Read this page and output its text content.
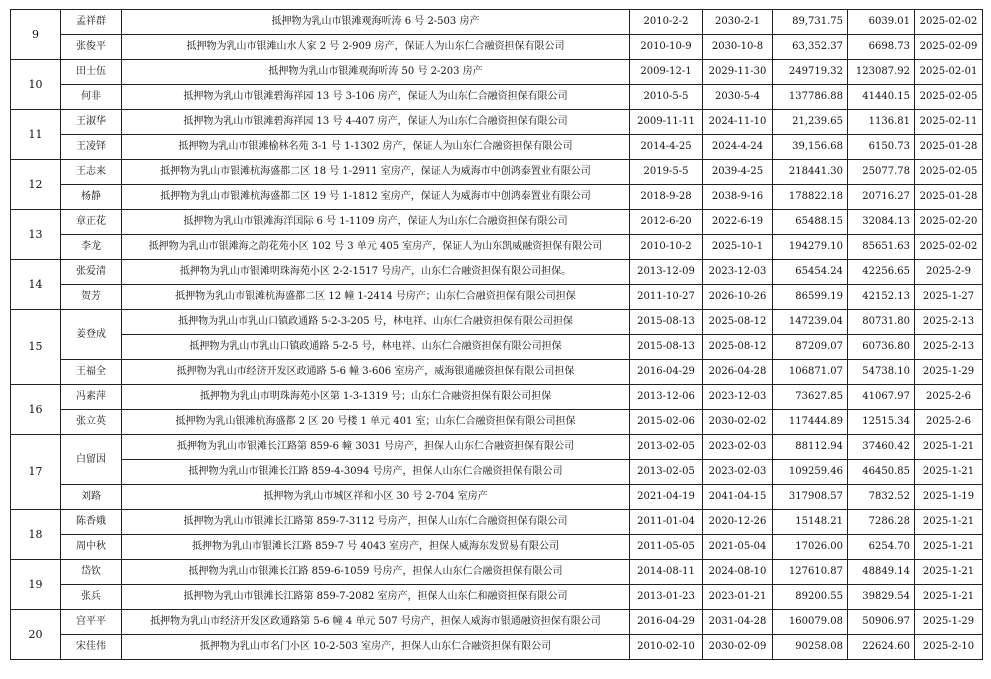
9	孟祥群	抵押物为乳山市银滩观海听涛 6 号 2-503 房产	2010-2-2	2030-2-1	89,731.75	6039.01	2025-02-02
	张俊平	抵押物为乳山市银滩山水人家 2 号 2-909 房产，保证人为山东仁合融资担保有限公司	2010-10-9	2030-10-8	63,352.37	6698.73	2025-02-09
10	田士伍	抵押物为乳山市银滩观海听涛 50 号 2-203 房产	2009-12-1	2029-11-30	249719.32	123087.92	2025-02-01
	何非	抵押物为乳山市银滩碧海祥园 13 号 3-106 房产，保证人为山东仁合融资担保有限公司	2010-5-5	2030-5-4	137786.88	41440.15	2025-02-05
11	王淑华	抵押物为乳山市银滩碧海祥园 13 号 4-407 房产，保证人为山东仁合融资担保有限公司	2009-11-11	2024-11-10	21,239.65	1136.81	2025-02-11
	王凌铎	抵押物为乳山市银滩榆林名苑 3-1 号 1-1302 房产，保证人为山东仁合融资担保有限公司	2014-4-25	2024-4-24	39,156.68	6150.73	2025-01-28
12	王志来	抵押物为乳山市银滩杭海盛都二区 18 号 1-2911 室房产，保证人为威海市中创鸿泰置业有限公司	2019-5-5	2039-4-25	218441.30	25077.78	2025-02-05
	杨静	抵押物为乳山市银滩杭海盛都二区 19 号 1-1812 室房产，保证人为威海市中创鸿泰置业有限公司	2018-9-28	2038-9-16	178822.18	20716.27	2025-01-28
13	章正花	抵押物为乳山市银滩海洋国际 6 号 1-1109 房产，保证人为山东仁合融资担保有限公司	2012-6-20	2022-6-19	65488.15	32084.13	2025-02-20
	李龙	抵押物为乳山市银滩海之韵花苑小区 102 号 3 单元 405 室房产，保证人为山东凯威融资担保有限公司	2010-10-2	2025-10-1	194279.10	85651.63	2025-02-02
14	张爱清	抵押物为乳山市银滩明珠海苑小区 2-2-1517 号房产，山东仁合融资担保有限公司担保。	2013-12-09	2023-12-03	65454.24	42256.65	2025-2-9
	贺芳	抵押物为乳山市银滩杭海盛都二区 12 幢 1-2414 号房产；山东仁合融资担保有限公司担保	2011-10-27	2026-10-26	86599.19	42152.13	2025-1-27
15	姜登成	抵押物为乳山市乳山口镇政通路 5-2-3-205 号，林电祥、山东仁合融资担保有限公司担保	2015-08-13	2025-08-12	147239.04	80731.80	2025-2-13
		抵押物为乳山市乳山口镇政通路 5-2-5 号，林电祥、山东仁合融资担保有限公司担保	2015-08-13	2025-08-12	87209.07	60736.80	2025-2-13
	王福全	抵押物为乳山市经济开发区政通路 5-6 幢 3-606 室房产，威海银通融资担保有限公司担保	2016-04-29	2026-04-28	106871.07	54738.10	2025-1-29
16	冯素萍	抵押物为乳山市明珠海苑小区第 1-3-1319 号；山东仁合融资担保有限公司担保	2013-12-06	2023-12-03	73627.85	41067.97	2025-2-6
	张立英	抵押物为乳山银滩杭海盛都 2 区 20 号楼 1 单元 401 室；山东仁合融资担保有限公司担保	2015-02-06	2030-02-02	117444.89	12515.34	2025-2-6
17	白留因	抵押物为乳山市银滩长江路第 859-6 幢 3031 号房产，担保人山东仁合融资担保有限公司	2013-02-05	2023-02-03	88112.94	37460.42	2025-1-21
		抵押物为乳山市银滩长江路 859-4-3094 号房产，担保人山东仁合融资担保有限公司	2013-02-05	2023-02-03	109259.46	46450.85	2025-1-21
	刘路	抵押物为乳山市城区祥和小区 30 号 2-704 室房产	2021-04-19	2041-04-15	317908.57	7832.52	2025-1-19
18	陈香娥	抵押物为乳山市银滩长江路第 859-7-3112 号房产，担保人山东仁合融资担保有限公司	2011-01-04	2020-12-26	15148.21	7286.28	2025-1-21
	周中秋	抵押物为乳山市银滩长江路 859-7 号 4043 室房产，担保人威海东发贸易有限公司	2011-05-05	2021-05-04	17026.00	6254.70	2025-1-21
19	岱钦	抵押物为乳山市银滩长江路 859-6-1059 号房产，担保人山东仁合融资担保有限公司	2014-08-11	2024-08-10	127610.87	48849.14	2025-1-21
	张兵	抵押物为乳山市银滩长江路第 859-7-2082 室房产，担保人山东仁和融资担保有限公司	2013-01-23	2023-01-21	89200.55	39829.54	2025-1-21
20	宫平平	抵押物为乳山市经济开发区政通路第 5-6 幢 4 单元 507 号房产，担保人威海市银通融资担保有限公司	2016-04-29	2031-04-28	160079.08	50906.97	2025-1-29
	宋佳伟	抵押物为乳山市名门小区 10-2-503 室房产，担保人山东仁合融资担保有限公司	2010-02-10	2030-02-09	90258.08	22624.60	2025-2-10
